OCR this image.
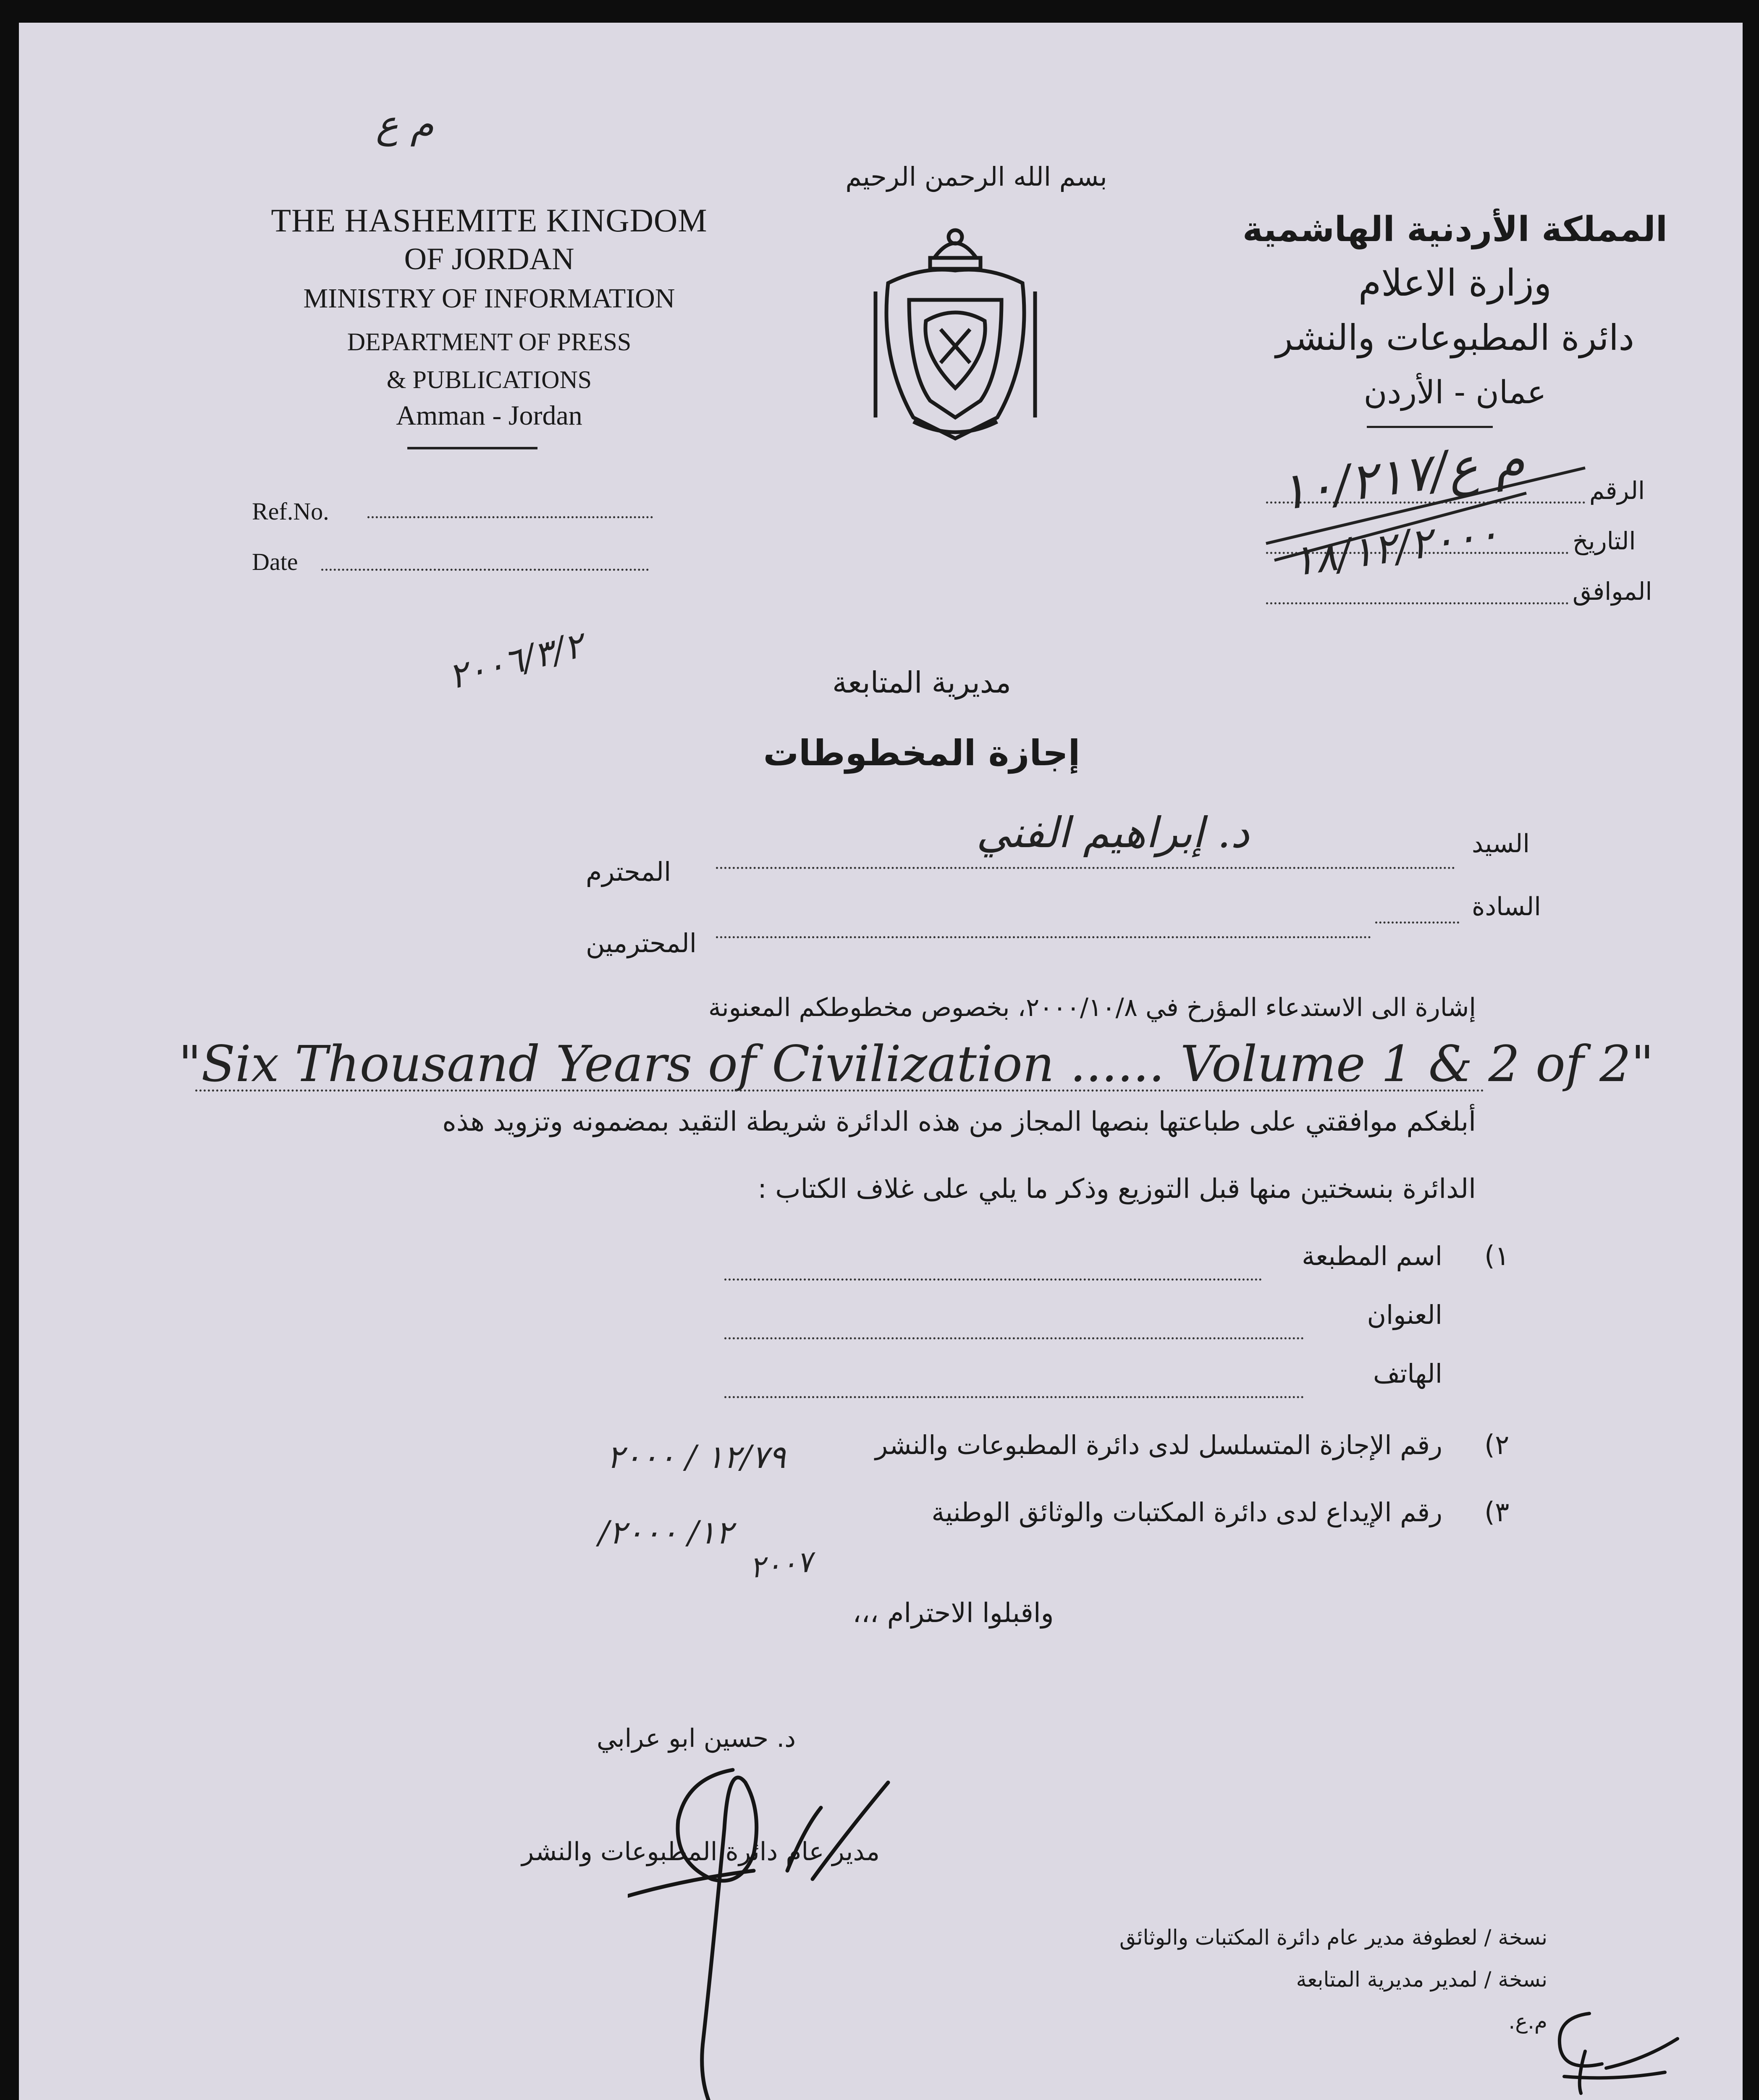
م ع
بسم الله الرحمن الرحيم
THE HASHEMITE KINGDOM
OF JORDAN
MINISTRY OF INFORMATION
DEPARTMENT OF PRESS
& PUBLICATIONS
Amman - Jordan
المملكة الأردنية الهاشمية
وزارة الاعلام
دائرة المطبوعات والنشر
عمان - الأردن
Ref.No.
Date
الرقم
التاريخ
الموافق
م ع/١٠/٢١٧
١٨/١٢/٢٠٠٠
٢٠٠٦/٣/٢	مديرية المتابعة
إجازة المخطوطات
السيد
د. إبراهيم الفني
المحترم
السادة
المحترمين
إشارة الى الاستدعاء المؤرخ في ٢٠٠٠/١٠/٨، بخصوص مخطوطكم المعنونة
"Six Thousand Years of Civilization ...... Volume 1 & 2 of 2"
أبلغكم موافقتي على طباعتها بنصها المجاز من هذه الدائرة شريطة التقيد بمضمونه وتزويد هذه
الدائرة بنسختين منها قبل التوزيع وذكر ما يلي على غلاف الكتاب :
١)
اسم المطبعة
العنوان
الهاتف
٢)
رقم الإجازة المتسلسل لدى دائرة المطبوعات والنشر
١٢/٧٩ / ٢٠٠٠
٣)
رقم الإيداع لدى دائرة المكتبات والوثائق الوطنية
/١٢/ ٢٠٠٠
٢٠٠٧
واقبلوا الاحترام ،،،
د. حسين ابو عرابي
مدير عام دائرة المطبوعات والنشر
نسخة / لعطوفة مدير عام دائرة المكتبات والوثائق
نسخة / لمدير مديرية المتابعة
م.ع.
